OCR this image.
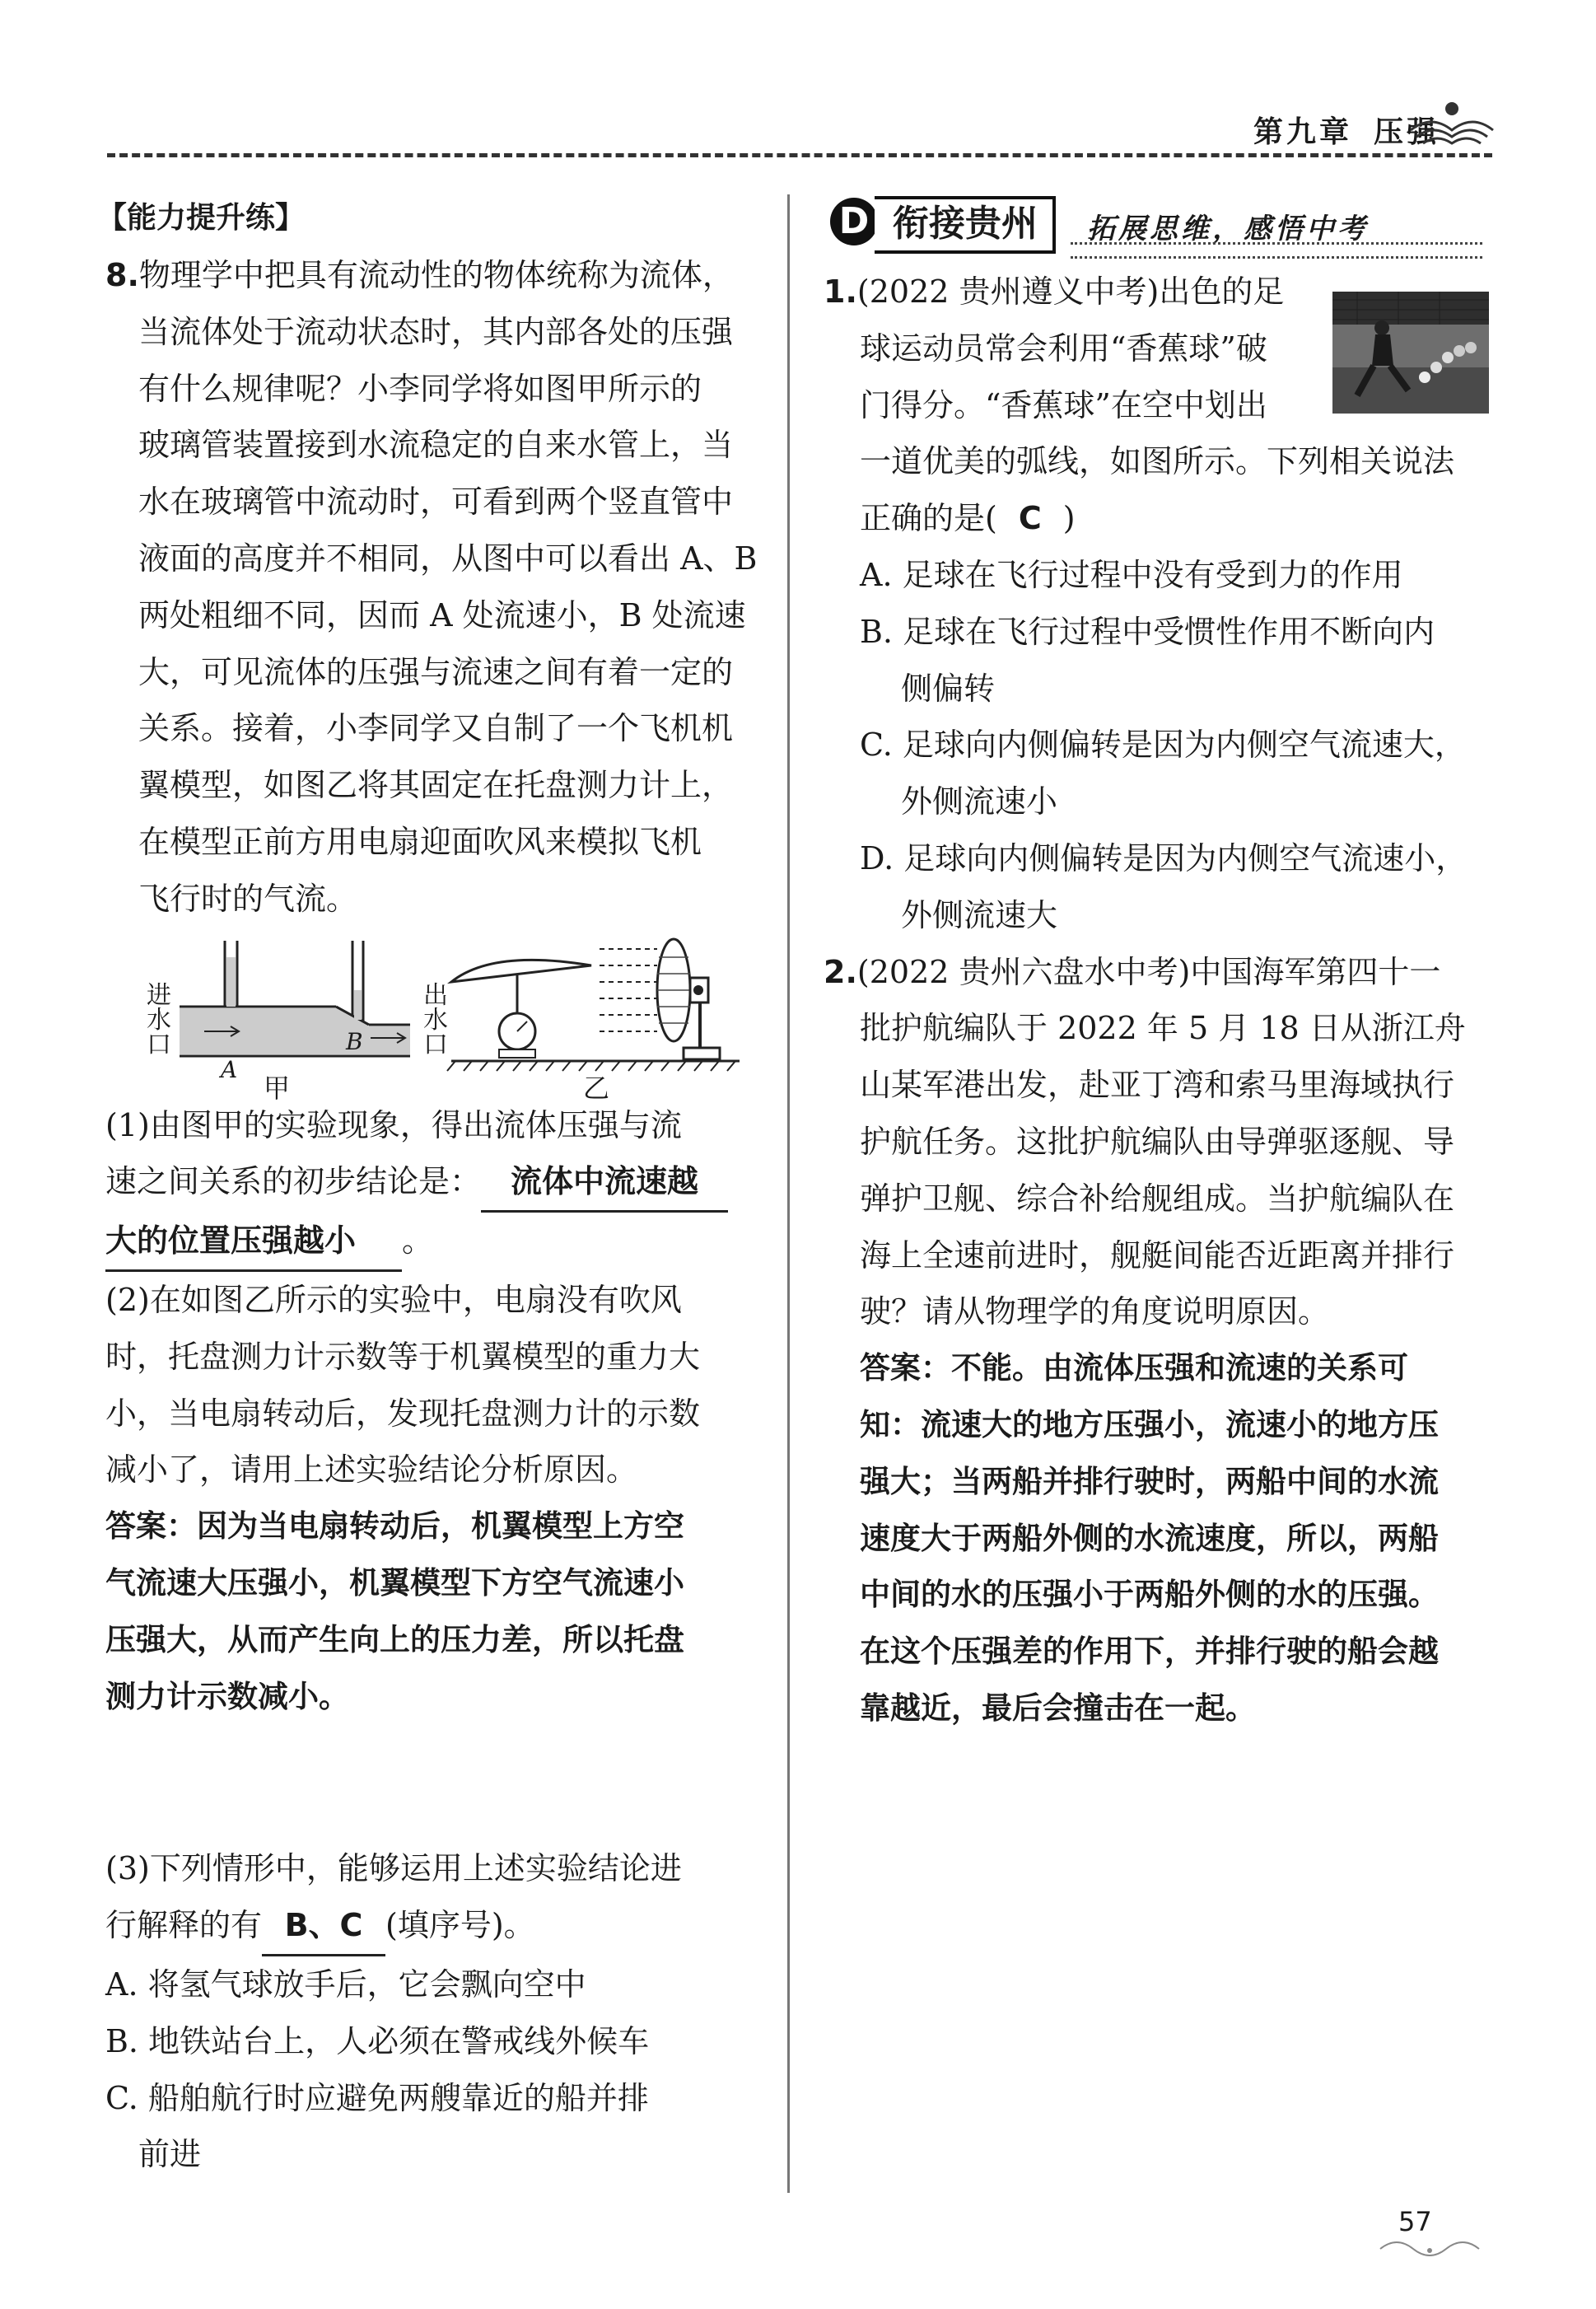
第九章 压强
【能力提升练】

8.物理学中把具有流动性的物体统称为流体，

当流体处于流动状态时，其内部各处的压强

有什么规律呢？小李同学将如图甲所示的

玻璃管装置接到水流稳定的自来水管上，当

水在玻璃管中流动时，可看到两个竖直管中

液面的高度并不相同，从图中可以看出 A、B

两处粗细不同，因而 A 处流速小，B 处流速

大，可见流体的压强与流速之间有着一定的

关系。接着，小李同学又自制了一个飞机机

翼模型，如图乙将其固定在托盘测力计上，

在模型正前方用电扇迎面吹风来模拟飞机

飞行时的气流。

进
水
口
出
水
口
A
B
甲	乙

(1)由图甲的实验现象，得出流体压强与流

速之间关系的初步结论是： 流体中流速越

大的位置压强越小 。

(2)在如图乙所示的实验中，电扇没有吹风

时，托盘测力计示数等于机翼模型的重力大

小，当电扇转动后，发现托盘测力计的示数

减小了，请用上述实验结论分析原因。

答案：因为当电扇转动后，机翼模型上方空

气流速大压强小，机翼模型下方空气流速小

压强大，从而产生向上的压力差，所以托盘

测力计示数减小。

(3)下列情形中，能够运用上述实验结论进

行解释的有 B、C (填序号)。

A. 将氢气球放手后，它会飘向空中

B. 地铁站台上，人必须在警戒线外候车

C. 船舶航行时应避免两艘靠近的船并排

前进

D 衔接贵州	拓展思维，感悟中考

1.(2022 贵州遵义中考)出色的足

球运动员常会利用“香蕉球”破

门得分。“香蕉球”在空中划出

一道优美的弧线，如图所示。下列相关说法

正确的是( C )

A. 足球在飞行过程中没有受到力的作用

B. 足球在飞行过程中受惯性作用不断向内

侧偏转

C. 足球向内侧偏转是因为内侧空气流速大，

外侧流速小

D. 足球向内侧偏转是因为内侧空气流速小，

外侧流速大

2.(2022 贵州六盘水中考)中国海军第四十一

批护航编队于 2022 年 5 月 18 日从浙江舟

山某军港出发，赴亚丁湾和索马里海域执行

护航任务。这批护航编队由导弹驱逐舰、导

弹护卫舰、综合补给舰组成。当护航编队在

海上全速前进时，舰艇间能否近距离并排行

驶？请从物理学的角度说明原因。

答案：不能。由流体压强和流速的关系可

知：流速大的地方压强小，流速小的地方压

强大；当两船并排行驶时，两船中间的水流

速度大于两船外侧的水流速度，所以，两船

中间的水的压强小于两船外侧的水的压强。

在这个压强差的作用下，并排行驶的船会越

靠越近，最后会撞击在一起。

57
